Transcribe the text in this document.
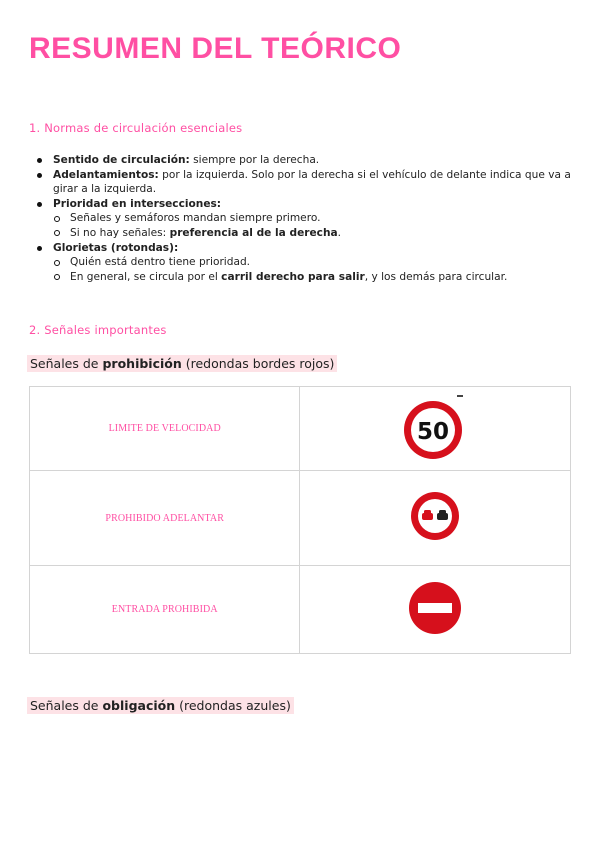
RESUMEN DEL TEÓRICO

1. Normas de circulación esenciales

Sentido de circulación: siempre por la derecha.
Adelantamientos: por la izquierda. Solo por la derecha si el vehículo de delante indica que va a girar a la izquierda.
Prioridad en intersecciones:
Señales y semáforos mandan siempre primero.
Si no hay señales: preferencia al de la derecha.
Glorietas (rotondas):
Quién está dentro tiene prioridad.
En general, se circula por el carril derecho para salir, y los demás para circular.

2. Señales importantes

Señales de prohibición (redondas bordes rojos)

LIMITE DE VELOCIDAD	50

PROHIBIDO ADELANTAR	
ENTRADA PROHIBIDA	

Señales de obligación (redondas azules)
